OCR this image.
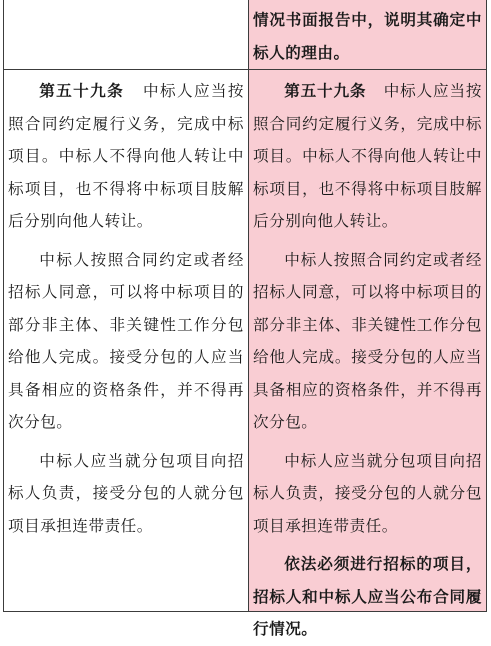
情况书面报告中，说明其确定中标人的理由。

第五十九条 中标人应当按照合同约定履行义务，完成中标项目。中标人不得向他人转让中标项目，也不得将中标项目肢解后分别向他人转让。

中标人按照合同约定或者经招标人同意，可以将中标项目的部分非主体、非关键性工作分包给他人完成。接受分包的人应当具备相应的资格条件，并不得再次分包。

中标人应当就分包项目向招标人负责，接受分包的人就分包项目承担连带责任。

第五十九条 中标人应当按照合同约定履行义务，完成中标项目。中标人不得向他人转让中标项目，也不得将中标项目肢解后分别向他人转让。

中标人按照合同约定或者经招标人同意，可以将中标项目的部分非主体、非关键性工作分包给他人完成。接受分包的人应当具备相应的资格条件，并不得再次分包。

中标人应当就分包项目向招标人负责，接受分包的人就分包项目承担连带责任。

依法必须进行招标的项目，招标人和中标人应当公布合同履行情况。
